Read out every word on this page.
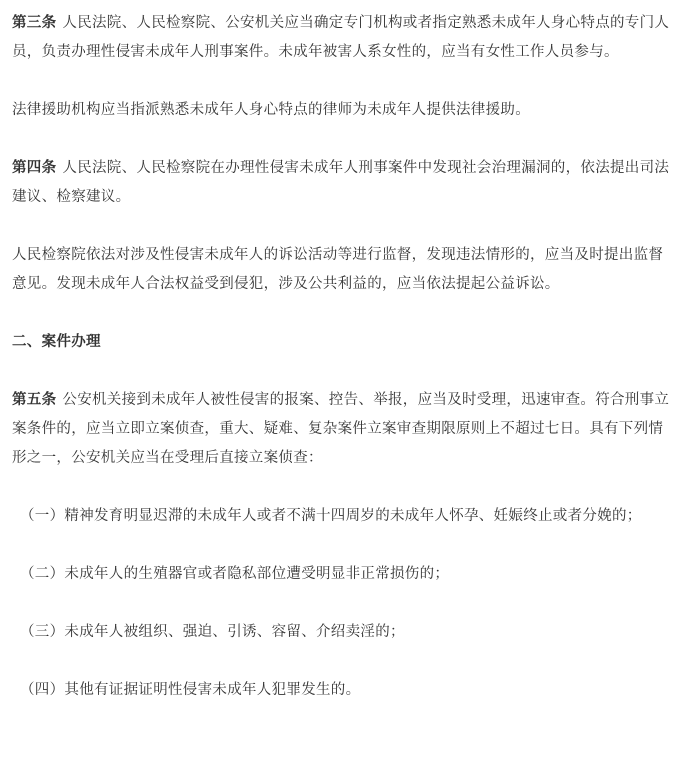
第三条 人民法院、人民检察院、公安机关应当确定专门机构或者指定熟悉未成年人身心特点的专门人员，负责办理性侵害未成年人刑事案件。未成年被害人系女性的，应当有女性工作人员参与。

法律援助机构应当指派熟悉未成年人身心特点的律师为未成年人提供法律援助。

第四条 人民法院、人民检察院在办理性侵害未成年人刑事案件中发现社会治理漏洞的，依法提出司法建议、检察建议。

人民检察院依法对涉及性侵害未成年人的诉讼活动等进行监督，发现违法情形的，应当及时提出监督意见。发现未成年人合法权益受到侵犯，涉及公共利益的，应当依法提起公益诉讼。

二、案件办理

第五条 公安机关接到未成年人被性侵害的报案、控告、举报，应当及时受理，迅速审查。符合刑事立案条件的，应当立即立案侦查，重大、疑难、复杂案件立案审查期限原则上不超过七日。具有下列情形之一，公安机关应当在受理后直接立案侦查：

（一）精神发育明显迟滞的未成年人或者不满十四周岁的未成年人怀孕、妊娠终止或者分娩的；

（二）未成年人的生殖器官或者隐私部位遭受明显非正常损伤的；

（三）未成年人被组织、强迫、引诱、容留、介绍卖淫的；

（四）其他有证据证明性侵害未成年人犯罪发生的。
